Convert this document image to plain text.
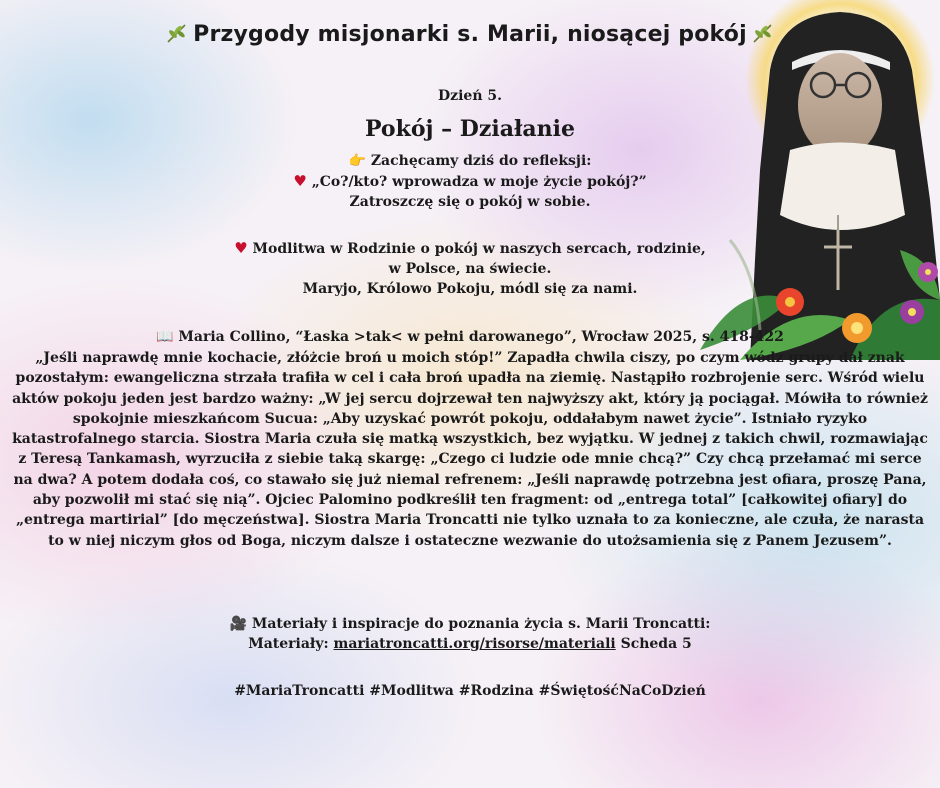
Przygody misjonarki s. Marii, niosącej pokój
Dzień 5.
Pokój – Działanie
👉 Zachęcamy dziś do refleksji:
♥ „Co?/kto? wprowadza w moje życie pokój?”
Zatroszczę się o pokój w sobie.
♥ Modlitwa w Rodzinie o pokój w naszych sercach, rodzinie,
w Polsce, na świecie.
Maryjo, Królowo Pokoju, módl się za nami.
📖 Maria Collino, “Łaska >tak< w pełni darowanego”, Wrocław 2025, s. 418-422
„Jeśli naprawdę mnie kochacie, złóżcie broń u moich stóp!” Zapadła chwila ciszy, po czym wódz grupy dał znak pozostałym: ewangeliczna strzała trafiła w cel i cała broń upadła na ziemię. Nastąpiło rozbrojenie serc. Wśród wielu aktów pokoju jeden jest bardzo ważny: „W jej sercu dojrzewał ten najwyższy akt, który ją pociągał. Mówiła to również spokojnie mieszkańcom Sucua: „Aby uzyskać powrót pokoju, oddałabym nawet życie”. Istniało ryzyko katastrofalnego starcia. Siostra Maria czuła się matką wszystkich, bez wyjątku. W jednej z takich chwil, rozmawiając z Teresą Tankamash, wyrzuciła z siebie taką skargę: „Czego ci ludzie ode mnie chcą?” Czy chcą przełamać mi serce na dwa? A potem dodała coś, co stawało się już niemal refrenem: „Jeśli naprawdę potrzebna jest ofiara, proszę Pana, aby pozwolił mi stać się nią”. Ojciec Palomino podkreślił ten fragment: od „entrega total” [całkowitej ofiary] do „entrega martirial” [do męczeństwa]. Siostra Maria Troncatti nie tylko uznała to za konieczne, ale czuła, że narasta to w niej niczym głos od Boga, niczym dalsze i ostateczne wezwanie do utożsamienia się z Panem Jezusem”.
🎥 Materiały i inspiracje do poznania życia s. Marii Troncatti:
Materiały: mariatroncatti.org/risorse/materiali Scheda 5
#MariaTroncatti #Modlitwa #Rodzina #ŚwiętośćNaCoDzień
